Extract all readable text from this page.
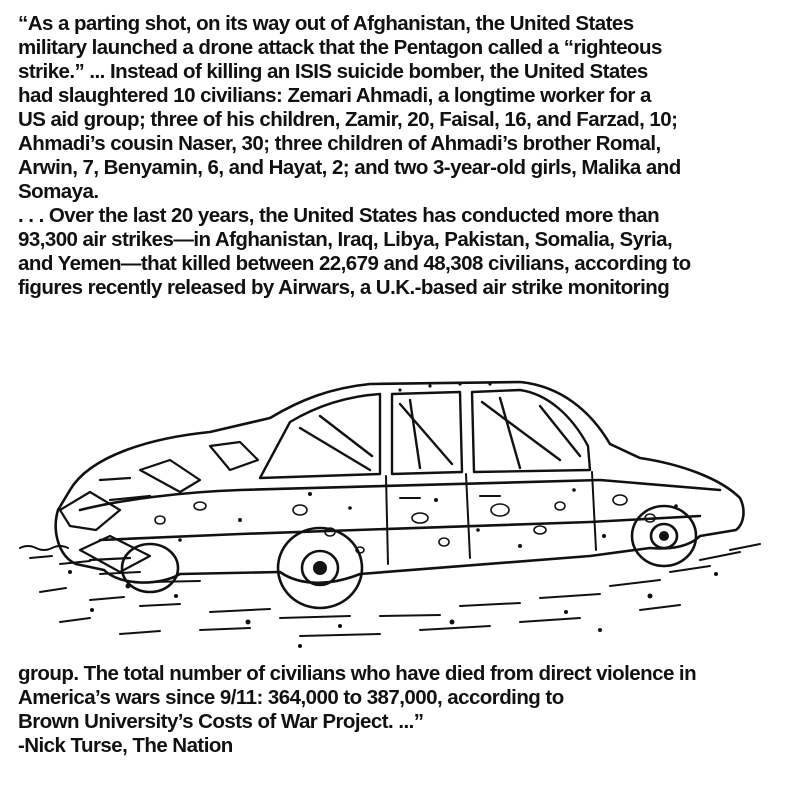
“As a parting shot, on its way out of Afghanistan, the United States
military launched a drone attack that the Pentagon called a “righteous
strike.” ... Instead of killing an ISIS suicide bomber, the United States
had slaughtered 10 civilians: Zemari Ahmadi, a longtime worker for a
US aid group; three of his children, Zamir, 20, Faisal, 16, and Farzad, 10;
Ahmadi’s cousin Naser, 30; three children of Ahmadi’s brother Romal,
Arwin, 7, Benyamin, 6, and Hayat, 2; and two 3-year-old girls, Malika and
Somaya.
. . . Over the last 20 years, the United States has conducted more than
93,300 air strikes—in Afghanistan, Iraq, Libya, Pakistan, Somalia, Syria,
and Yemen—that killed between 22,679 and 48,308 civilians, according to
figures recently released by Airwars, a U.K.-based air strike monitoring
group. The total number of civilians who have died from direct violence in
America’s wars since 9/11: 364,000 to 387,000, according to
Brown University’s Costs of War Project. ...”
-Nick Turse, The Nation
